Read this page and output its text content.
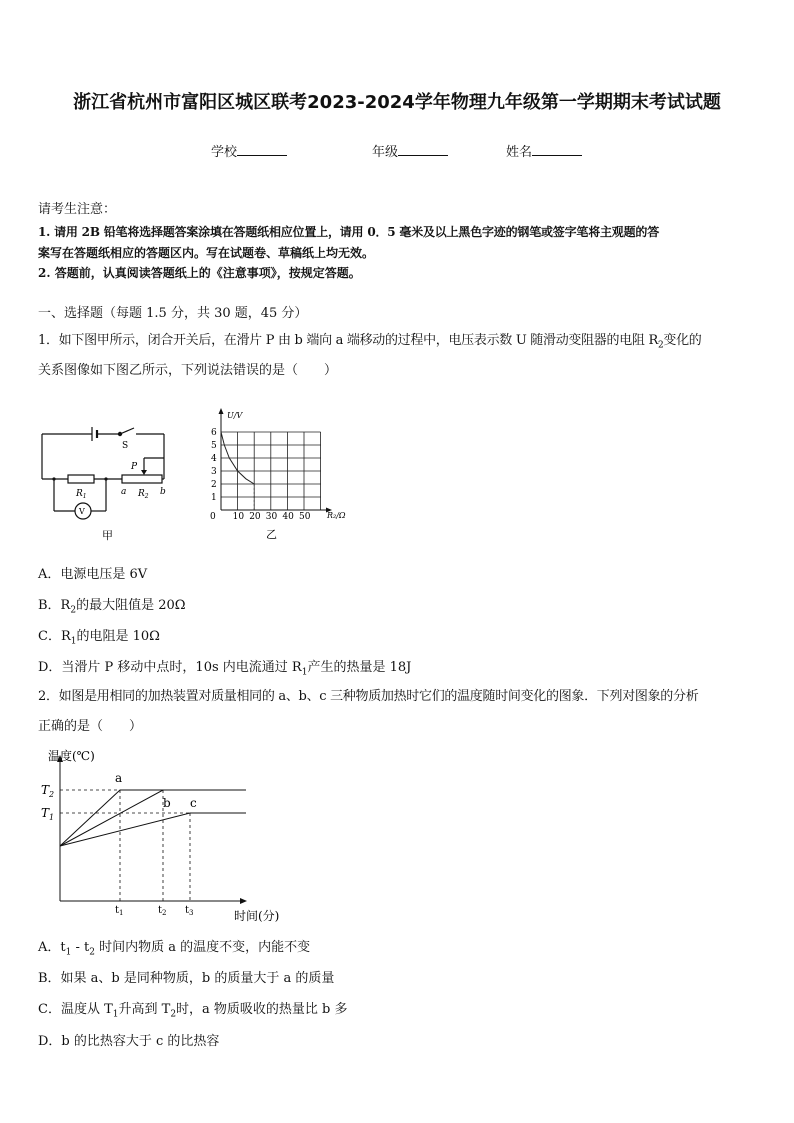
浙江省杭州市富阳区城区联考2023-2024学年物理九年级第一学期期末考试试题
学校	年级	姓名
请考生注意：
1. 请用 2B 铅笔将选择题答案涂填在答题纸相应位置上，请用 0．5 毫米及以上黑色字迹的钢笔或签字笔将主观题的答
案写在答题纸相应的答题区内。写在试题卷、草稿纸上均无效。
2. 答题前，认真阅读答题纸上的《注意事项》，按规定答题。
一、选择题（每题 1.5 分，共 30 题，45 分）
1．如下图甲所示，闭合开关后，在滑片 P 由 b 端向 a 端移动的过程中，电压表示数 U 随滑动变阻器的电阻 $R_2$变化的
关系图像如下图乙所示，下列说法错误的是（　　）
S
P
$R_1$	a $R_2$ b
V
甲
1
2
3
4
5
6
0 10 20 30 40 50
U/V
R₂/Ω
乙
A．电源电压是 6V
B．$R_2$的最大阻值是 20Ω
C．$R_1$的电阻是 10Ω
D．当滑片 P 移动中点时，10s 内电流通过 $R_1$产生的热量是 18J
2．如图是用相同的加热装置对质量相同的 a、b、c 三种物质加热时它们的温度随时间变化的图象．下列对图象的分析
正确的是（　　）
a
b c
$T_2$
$T_1$
$t_1$	$t_2$ $t_3$
温度(℃)
时间(分)
A．$t_1 - t_2$ 时间内物质 a 的温度不变，内能不变
B．如果 a、b 是同种物质，b 的质量大于 a 的质量
C．温度从 $T_1$升高到 $T_2$时，a 物质吸收的热量比 b 多
D．b 的比热容大于 c 的比热容
